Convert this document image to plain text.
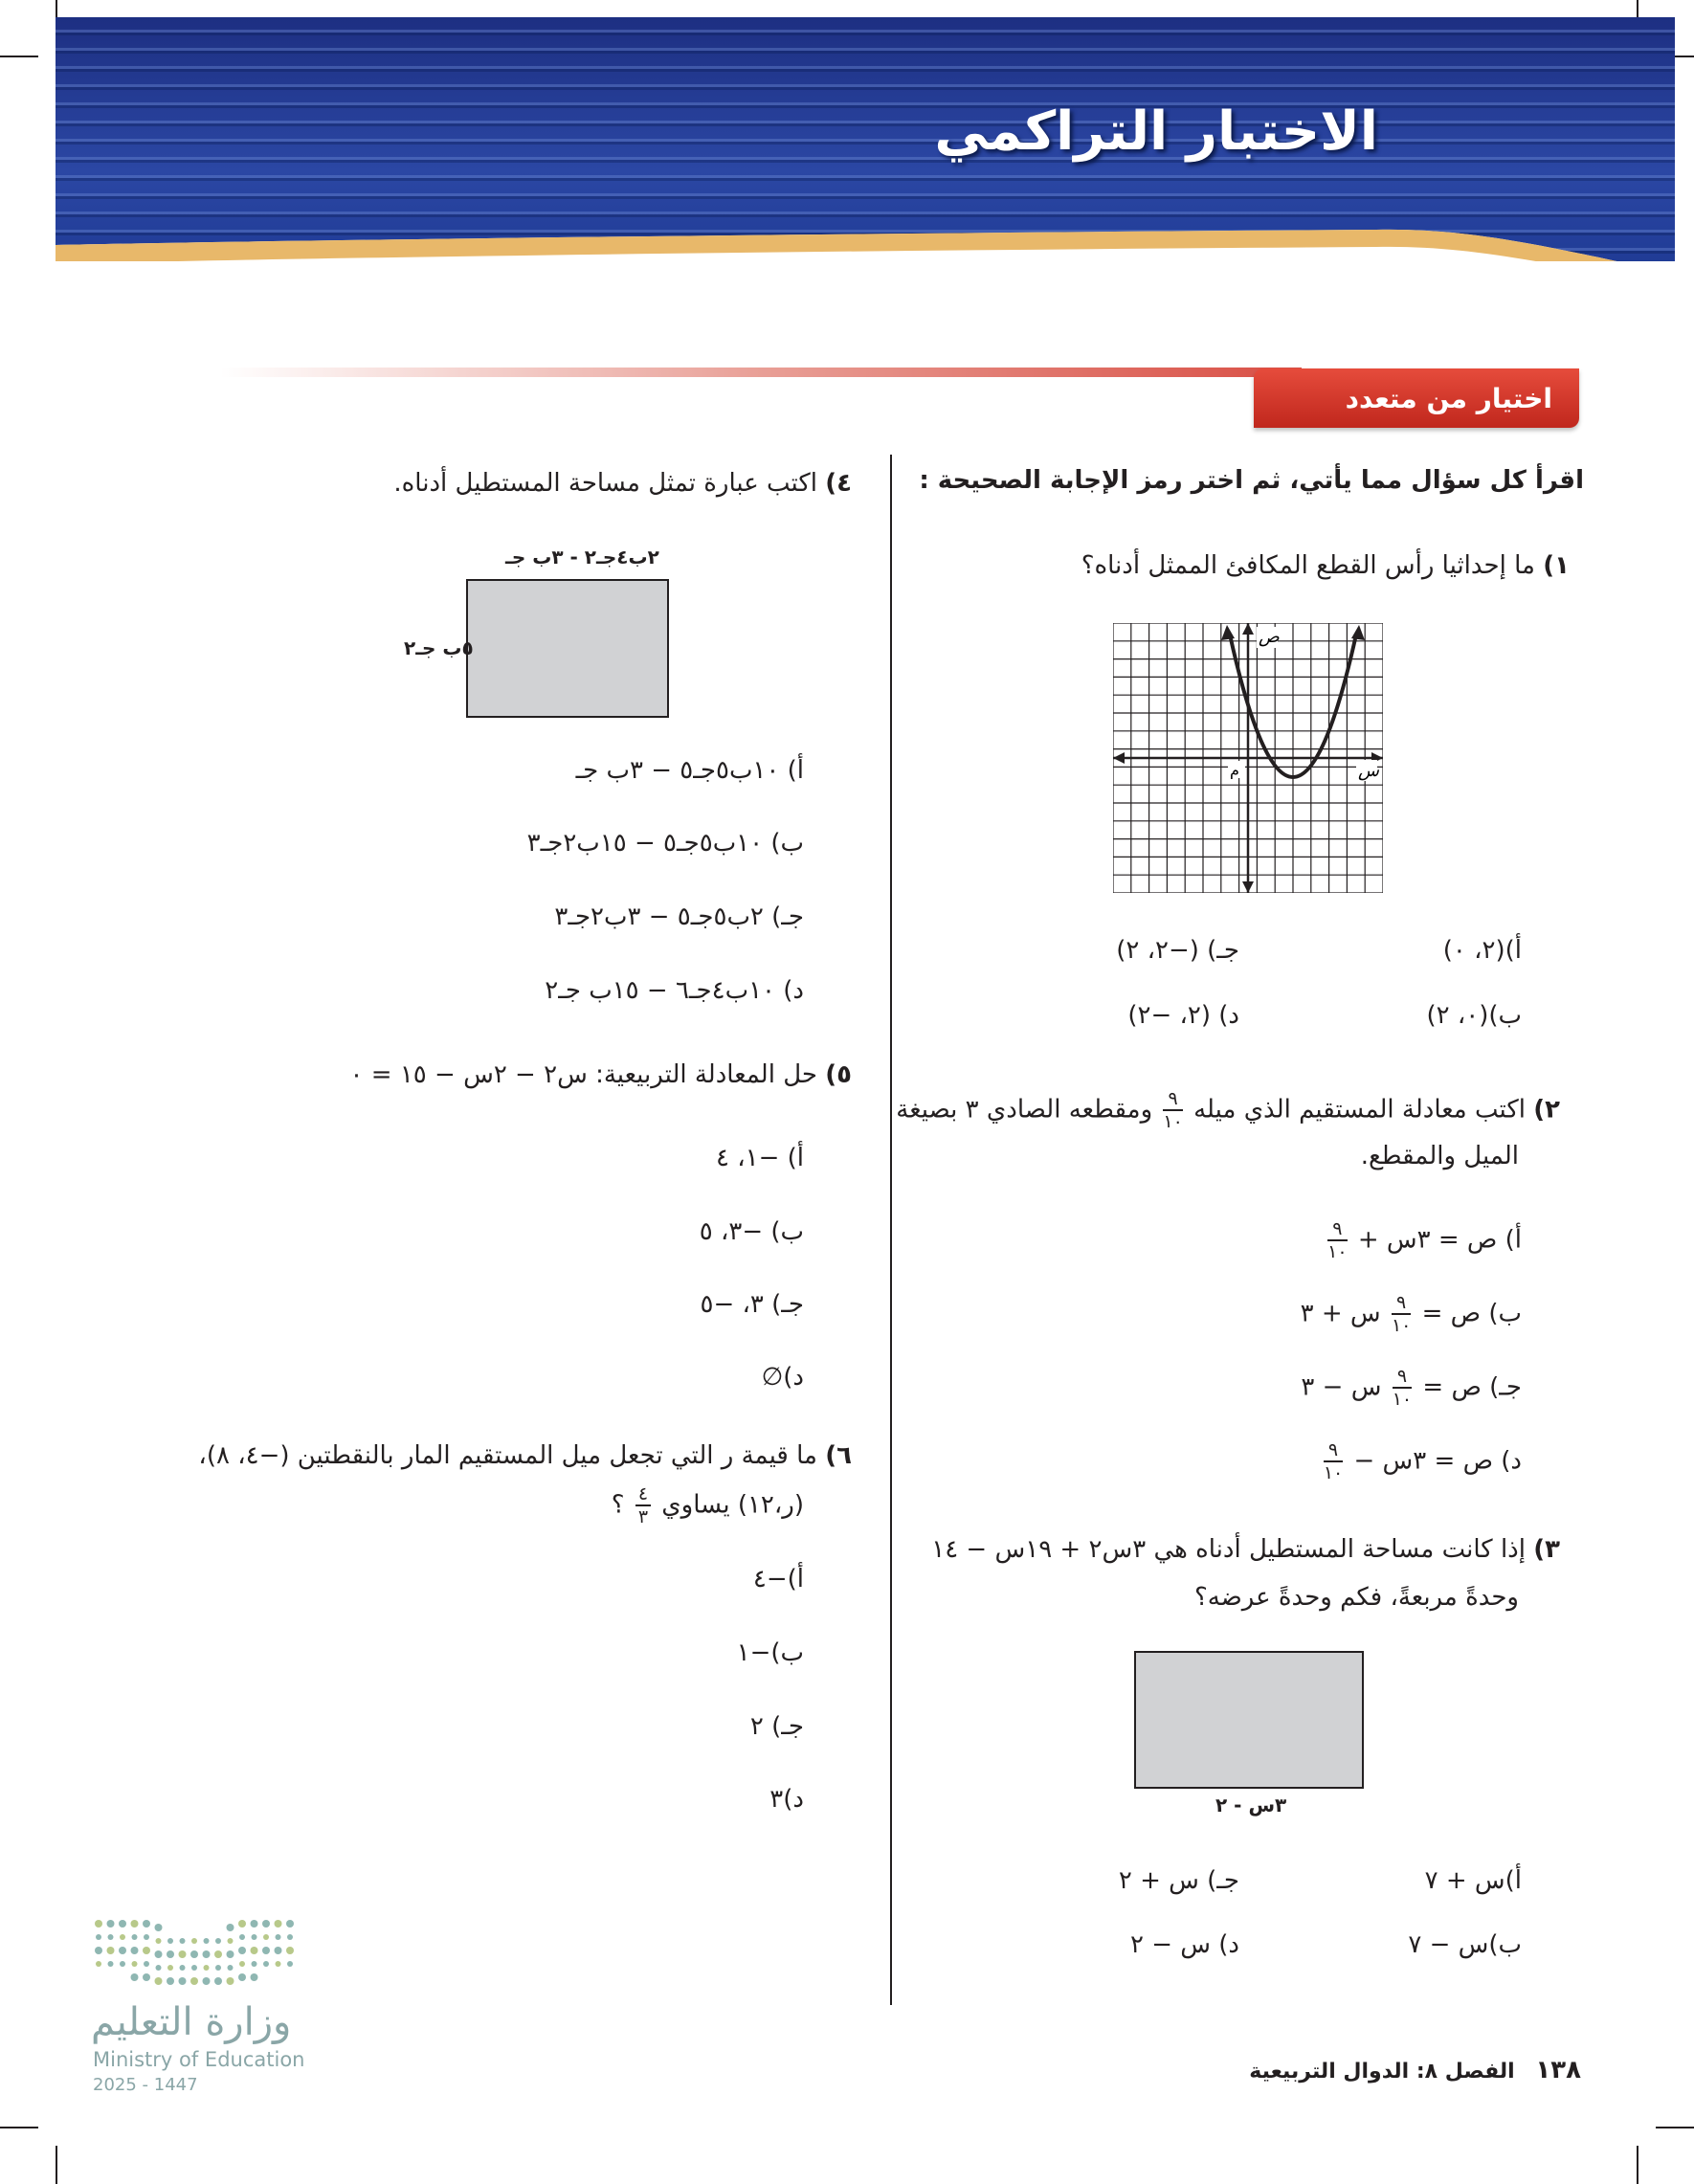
الاختبار التراكمي
اختيار من متعدد
اقرأ كل سؤال مما يأتي، ثم اختر رمز الإجابة الصحيحة :
١) ما إحداثيا رأس القطع المكافئ الممثل أدناه؟
ص
س
م
أ)(٢، ٠)
جـ) (−٢، ٢)
ب)(٠، ٢)
د) (٢، −٢)
٢) اكتب معادلة المستقيم الذي ميله
$\frac{٩}{١٠}$
ومقطعه الصادي ٣ بصيغة
الميل والمقطع.
أ) ص = ٣س +
$\frac{٩}{١٠}$
ب) ص =
$\frac{٩}{١٠}$
س + ٣
جـ) ص =
$\frac{٩}{١٠}$
س − ٣
د) ص = ٣س −
$\frac{٩}{١٠}$
٣) إذا كانت مساحة المستطيل أدناه هي ٣س٢ + ١٩س − ١٤
وحدةً مربعةً، فكم وحدةً عرضه؟
٣س - ٢
أ)س + ٧
جـ) س + ٢
ب)س − ٧
د) س − ٢
٤) اكتب عبارة تمثل مساحة المستطيل أدناه.
٢ب٤جـ٢ - ٣ب جـ
٥ب جـ٢
أ) ١٠ب٥جـ٥ − ٣ب جـ
ب) ١٠ب٥جـ٥ − ١٥ب٢جـ٣
جـ) ٢ب٥جـ٥ − ٣ب٢جـ٣
د) ١٠ب٤جـ٦ − ١٥ب جـ٢
٥) حل المعادلة التربيعية: س٢ − ٢س − ١٥ = ٠
أ) −١، ٤
ب) −٣، ٥
جـ) ٣، −٥
د)∅
٦) ما قيمة ر التي تجعل ميل المستقيم المار بالنقطتين (−٤، ٨)،
(ر،١٢) يساوي
$\frac{٤}{٣}$
؟
أ)−٤
ب)−١
جـ) ٢
د)٣
وزارة التعليم
Ministry of Education
2025 - 1447
١٣٨ الفصل ٨: الدوال التربيعية
